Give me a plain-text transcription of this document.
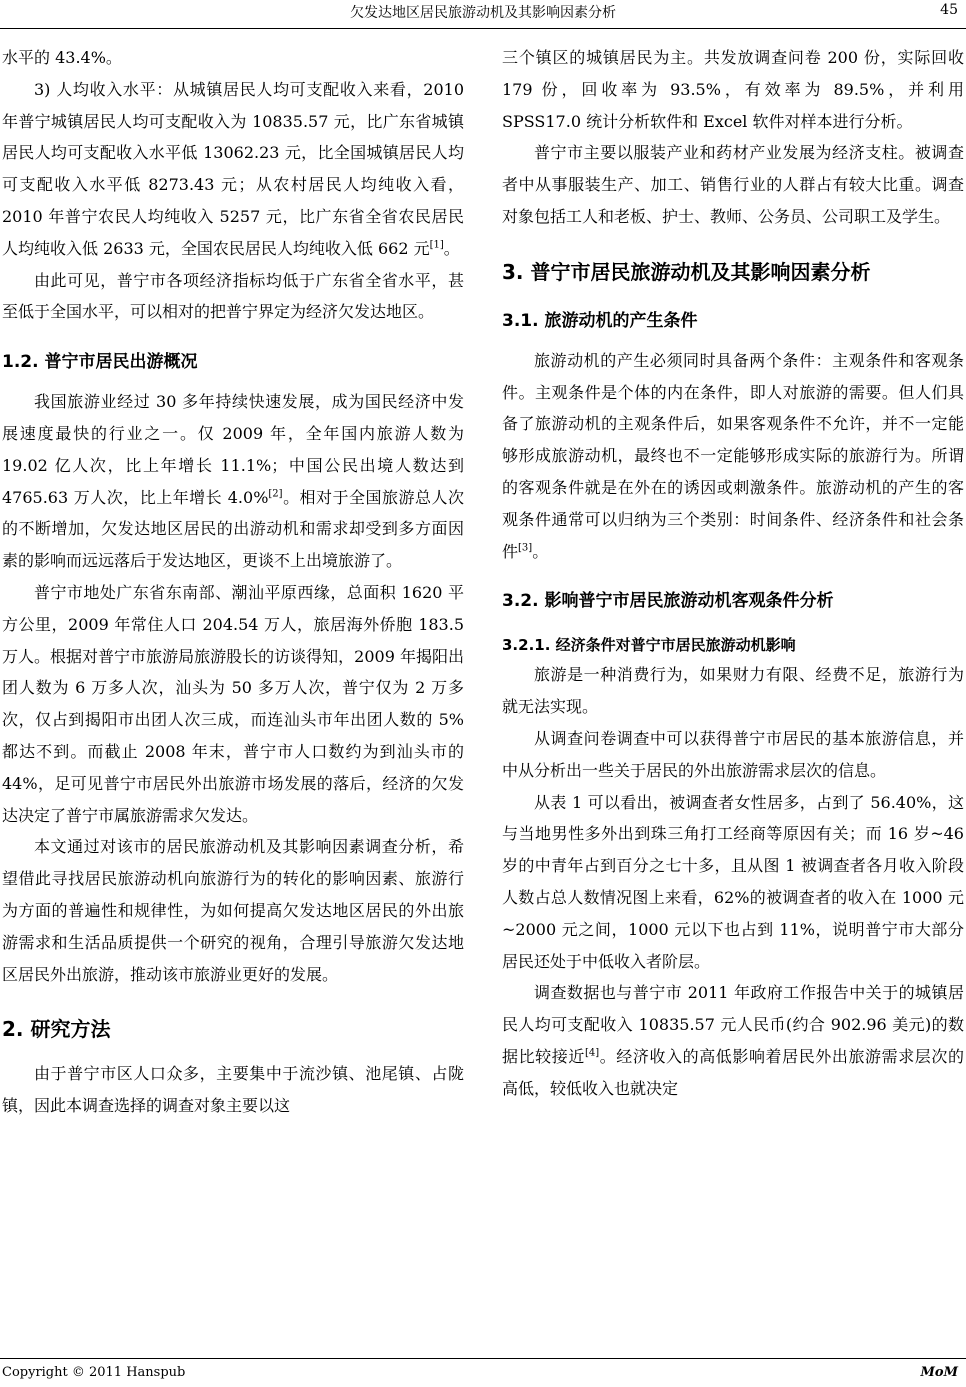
欠发达地区居民旅游动机及其影响因素分析	45

水平的 43.4%。

3) 人均收入水平：从城镇居民人均可支配收入来看，2010 年普宁城镇居民人均可支配收入为 10835.57 元，比广东省城镇居民人均可支配收入水平低 13062.23 元，比全国城镇居民人均可支配收入水平低 8273.43 元；从农村居民人均纯收入看，2010 年普宁农民人均纯收入 5257 元，比广东省全省农民居民人均纯收入低 2633 元，全国农民居民人均纯收入低 662 元[1]。

由此可见，普宁市各项经济指标均低于广东省全省水平，甚至低于全国水平，可以相对的把普宁界定为经济欠发达地区。

1.2. 普宁市居民出游概况

我国旅游业经过 30 多年持续快速发展，成为国民经济中发展速度最快的行业之一。仅 2009 年，全年国内旅游人数为 19.02 亿人次，比上年增长 11.1%；中国公民出境人数达到 4765.63 万人次，比上年增长 4.0%[2]。相对于全国旅游总人次的不断增加，欠发达地区居民的出游动机和需求却受到多方面因素的影响而远远落后于发达地区，更谈不上出境旅游了。

普宁市地处广东省东南部、潮汕平原西缘，总面积 1620 平方公里，2009 年常住人口 204.54 万人，旅居海外侨胞 183.5 万人。根据对普宁市旅游局旅游股长的访谈得知，2009 年揭阳出团人数为 6 万多人次，汕头为 50 多万人次，普宁仅为 2 万多次，仅占到揭阳市出团人次三成，而连汕头市年出团人数的 5%都达不到。而截止 2008 年末，普宁市人口数约为到汕头市的 44%，足可见普宁市居民外出旅游市场发展的落后，经济的欠发达决定了普宁市属旅游需求欠发达。

本文通过对该市的居民旅游动机及其影响因素调查分析，希望借此寻找居民旅游动机向旅游行为的转化的影响因素、旅游行为方面的普遍性和规律性，为如何提高欠发达地区居民的外出旅游需求和生活品质提供一个研究的视角，合理引导旅游欠发达地区居民外出旅游，推动该市旅游业更好的发展。

2. 研究方法

由于普宁市区人口众多，主要集中于流沙镇、池尾镇、占陇镇，因此本调查选择的调查对象主要以这

三个镇区的城镇居民为主。共发放调查问卷 200 份，实际回收 179 份，回收率为 93.5%，有效率为 89.5%，并利用 SPSS17.0 统计分析软件和 Excel 软件对样本进行分析。

普宁市主要以服装产业和药材产业发展为经济支柱。被调查者中从事服装生产、加工、销售行业的人群占有较大比重。调查对象包括工人和老板、护士、教师、公务员、公司职工及学生。

3. 普宁市居民旅游动机及其影响因素分析
3.1. 旅游动机的产生条件

旅游动机的产生必须同时具备两个条件：主观条件和客观条件。主观条件是个体的内在条件，即人对旅游的需要。但人们具备了旅游动机的主观条件后，如果客观条件不允许，并不一定能够形成旅游动机，最终也不一定能够形成实际的旅游行为。所谓的客观条件就是在外在的诱因或刺激条件。旅游动机的产生的客观条件通常可以归纳为三个类别：时间条件、经济条件和社会条件[3]。

3.2. 影响普宁市居民旅游动机客观条件分析
3.2.1. 经济条件对普宁市居民旅游动机影响

旅游是一种消费行为，如果财力有限、经费不足，旅游行为就无法实现。

从调查问卷调查中可以获得普宁市居民的基本旅游信息，并中从分析出一些关于居民的外出旅游需求层次的信息。

从表 1 可以看出，被调查者女性居多，占到了 56.40%，这与当地男性多外出到珠三角打工经商等原因有关；而 16 岁~46 岁的中青年占到百分之七十多，且从图 1 被调查者各月收入阶段人数占总人数情况图上来看，62%的被调查者的收入在 1000 元~2000 元之间，1000 元以下也占到 11%，说明普宁市大部分居民还处于中低收入者阶层。

调查数据也与普宁市 2011 年政府工作报告中关于的城镇居民人均可支配收入 10835.57 元人民币(约合 902.96 美元)的数据比较接近[4]。经济收入的高低影响着居民外出旅游需求层次的高低，较低收入也就决定

Copyright © 2011 Hanspub	MoM
